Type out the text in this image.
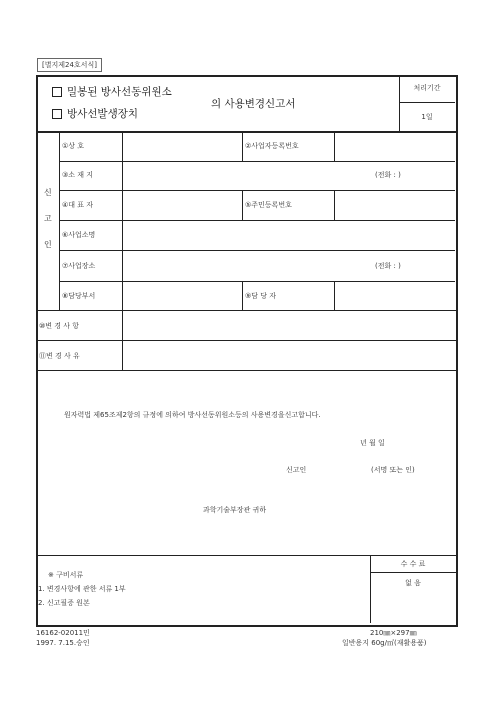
[별지제24호서식]
밀봉된 방사선동위원소
방사선발생장치
의 사용변경신고서
처리기간
1일
신
고
인
①상 호	②사업자등록번호
③소 재 지	(전화 : )
④대 표 자	⑤주민등록번호
⑥사업소명
⑦사업장소	(전화 : )
⑧담당부서	⑨담 당 자
⑩변 경 사 항
⑪변 경 사 유
원자력법 제65조제2항의 규정에 의하여 방사선동위원소등의 사용변경을신고합니다.
년 월 일
신고인	(서명 또는 인)
과학기술부장관 귀하
※ 구비서류
1. 변경사항에 관한 서류 1부
2. 신고필증 원본
수 수 료
없 음
16162-02011민
1997. 7.15.승인
210㎜×297㎜
일반용지 60g/㎡(재활용품)
